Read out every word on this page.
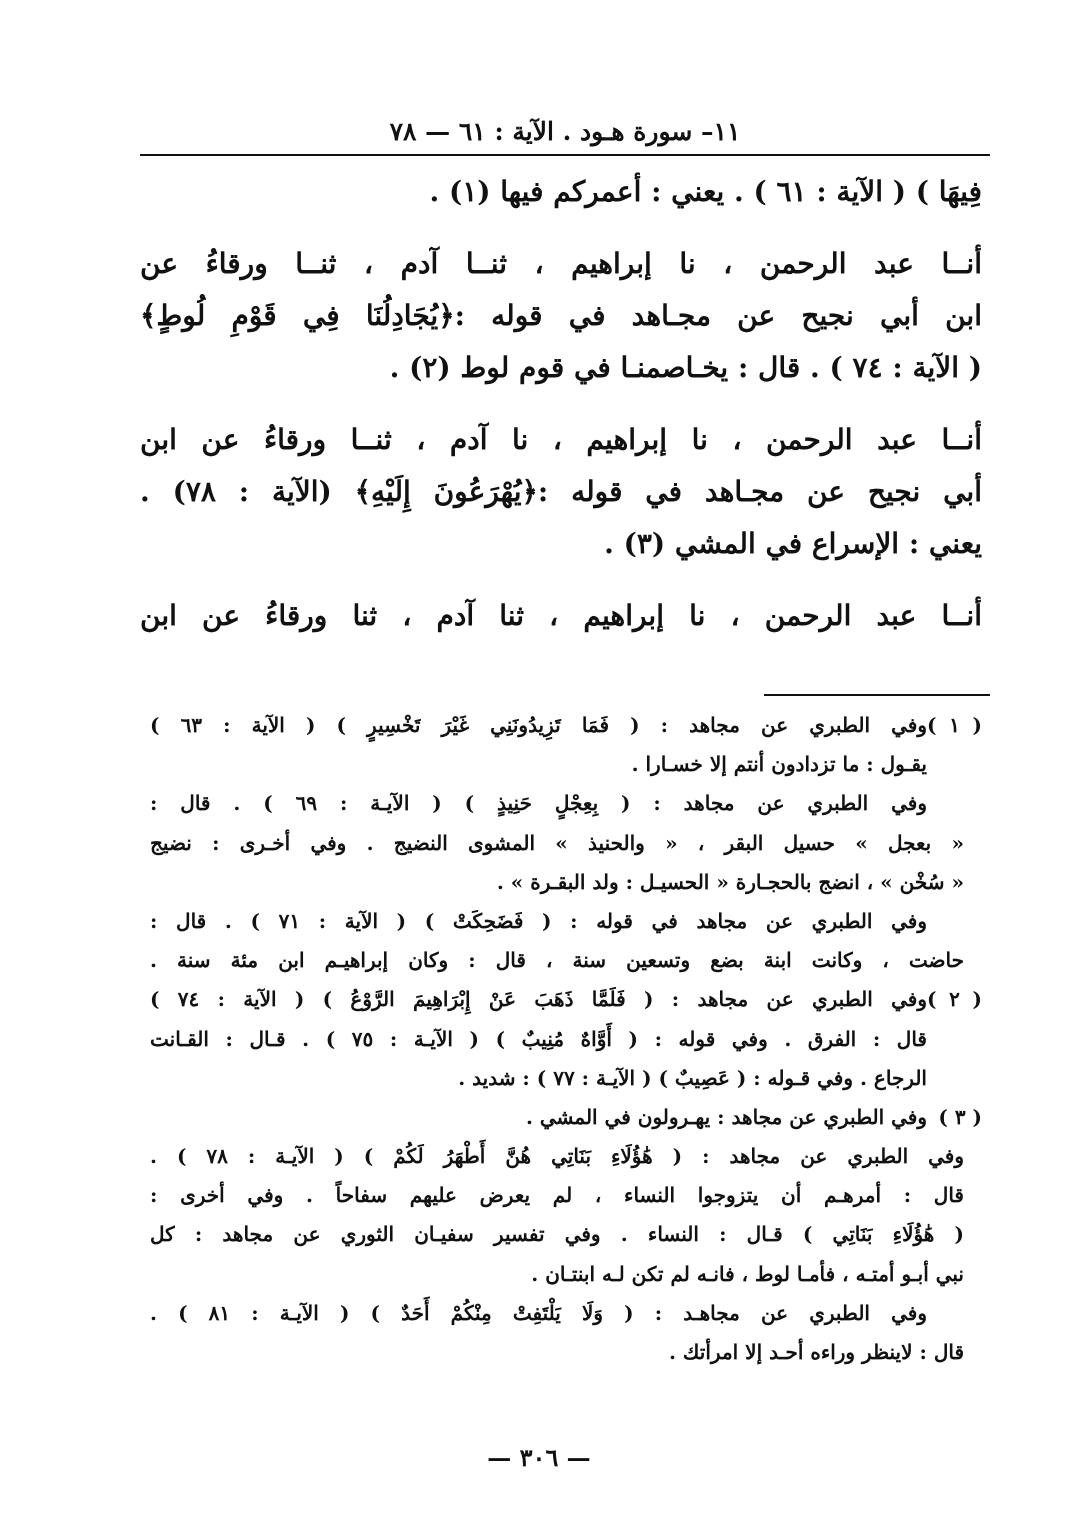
١١– سورة هـود . الآية : ٦١ — ٧٨
فِيهَا ) ( الآية : ٦١ ) . يعني : أعمركم فيها (١) .
أنــا عبد الرحمن ، نا إبراهيم ، ثنــا آدم ، ثنــا ورقاءُ عن
ابن أبي نجيح عن مجـاهد في قوله :﴿يُجَادِلُنَا فِي قَوْمِ لُوطٍ﴾
( الآية : ٧٤ ) . قال : يخـاصمنـا في قوم لوط (٢) .
أنــا عبد الرحمن ، نا إبراهيم ، نا آدم ، ثنــا ورقاءُ عن ابن
أبي نجيح عن مجـاهد في قوله :﴿يُهْرَعُونَ إِلَيْهِ﴾ (الآية : ٧٨) .
يعني : الإسراع في المشي (٣) .
أنــا عبد الرحمن ، نا إبراهيم ، ثنا آدم ، ثنا ورقاءُ عن ابن
( ١ )وفي الطبري عن مجاهد : ( فَمَا تَزِيدُونَنِي غَيْرَ تَخْسِيرٍ ) ( الآية : ٦٣ )
يقـول : ما تزدادون أنتم إلا خسـارا .
وفي الطبري عن مجاهد : ( بِعِجْلٍ حَنِيذٍ ) ( الآيـة : ٦٩ ) . قال :
« بعجل » حسيل البقر ، « والحنيذ » المشوى النضيج . وفي أخـرى : نضيج
« سُخْن » ، انضج بالحجـارة « الحسيـل : ولد البقـرة » .
وفي الطبري عن مجاهد في قوله : ( فَضَحِكَتْ ) ( الآية : ٧١ ) . قال :
حاضت ، وكانت ابنة بضع وتسعين سنة ، قال : وكان إبراهيـم ابن مئة سنة .
( ٢ )وفي الطبري عن مجاهد : ( فَلَمَّا ذَهَبَ عَنْ إِبْرَاهِيمَ الرَّوْعُ ) ( الآية : ٧٤ )
قال : الفرق . وفي قوله : ( أَوَّاهٌ مُنِيبٌ ) ( الآيـة : ٧٥ ) . قـال : القـانت
الرجاع . وفي قـوله : ( عَصِيبٌ ) ( الآيـة : ٧٧ ) : شديد .
( ٣ )وفي الطبري عن مجاهد : يهـرولون في المشي .
وفي الطبري عن مجاهد : ( هَٰؤُلَاءِ بَنَاتِي هُنَّ أَطْهَرُ لَكُمْ ) ( الآيـة : ٧٨ ) .
قال : أمرهـم أن يتزوجوا النساء ، لم يعرض عليهم سفاحاً . وفي أخرى :
( هَٰؤُلَاءِ بَنَاتِي ) قـال : النساء . وفي تفسير سفيـان الثوري عن مجاهد : كل
نبي أبـو أمتـه ، فأمـا لوط ، فانـه لم تكن لـه ابنتـان .
وفي الطبري عن مجاهـد : ( وَلَا يَلْتَفِتْ مِنْكُمْ أَحَدٌ ) ( الآيـة : ٨١ ) .
قال : لاينظر وراءه أحـد إلا امرأتك .
— ٣٠٦ —
